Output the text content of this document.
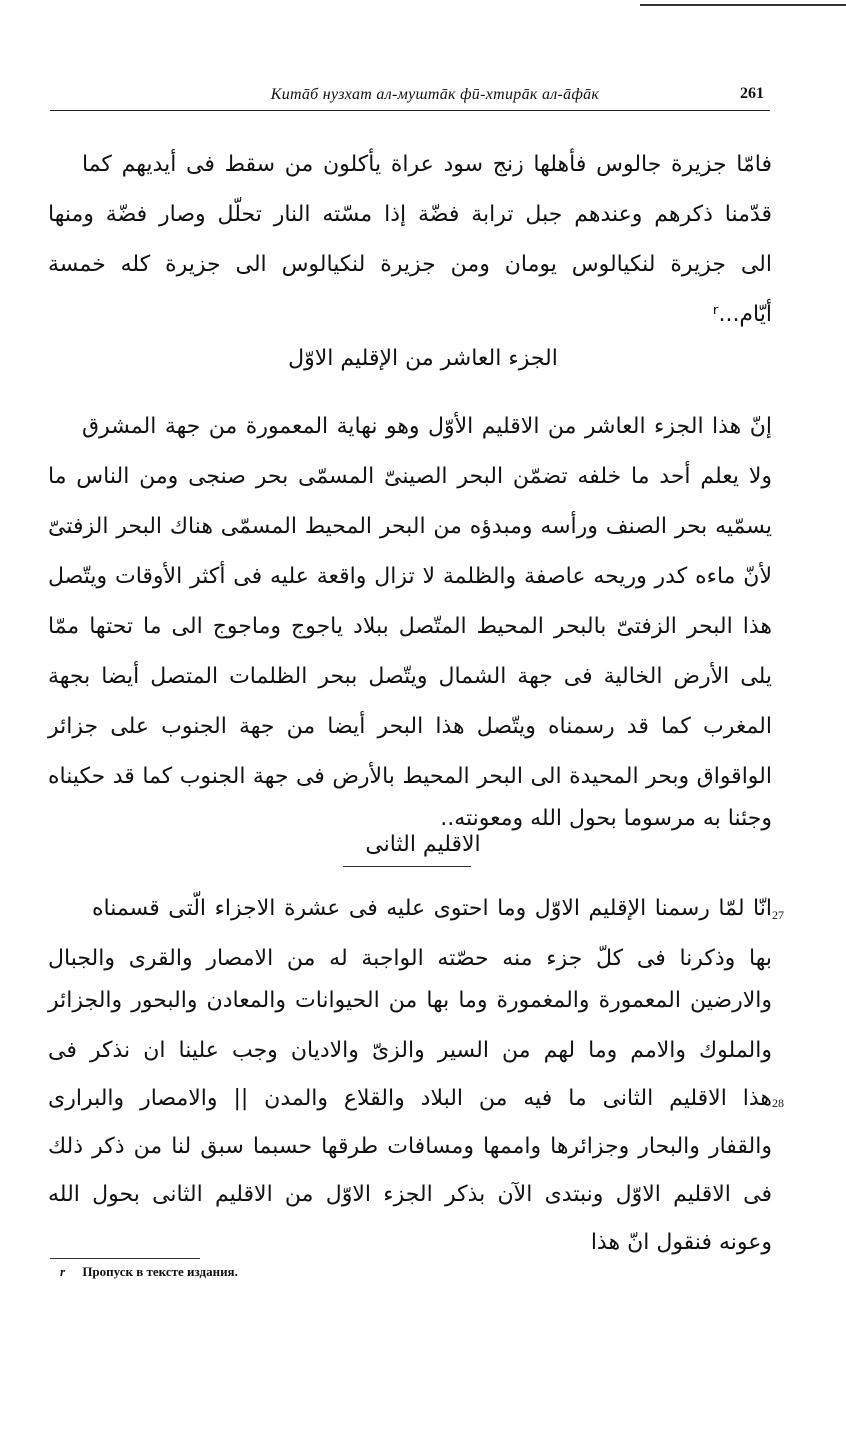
Китāб нузхат ал-муштāк фӣ-хтирāк ал-āфāк	261
فامّا جزيرة جالوس فأهلها زنج سود عراة يأكلون من سقط فى أيديهم كما
قدّمنا ذكرهم وعندهم جبل ترابة فضّة إذا مسّته النار تحلّل وصار فضّة ومنها
الى جزيرة لنكيالوس يومان ومن جزيرة لنكيالوس الى جزيرة كله خمسة
أيّام...ʳ
الجزء العاشر من الإقليم الاوّل
إنّ هذا الجزء العاشر من الاقليم الأوّل وهو نهاية المعمورة من جهة المشرق
ولا يعلم أحد ما خلفه تضمّن البحر الصينىّ المسمّى بحر صنجى ومن الناس ما
يسمّيه بحر الصنف ورأسه ومبدؤه من البحر المحيط المسمّى هناك البحر الزفتىّ
لأنّ ماءه كدر وريحه عاصفة والظلمة لا تزال واقعة عليه فى أكثر الأوقات ويتّصل
هذا البحر الزفتىّ بالبحر المحيط المتّصل ببلاد ياجوج وماجوج الى ما تحتها ممّا
يلى الأرض الخالية فى جهة الشمال ويتّصل ببحر الظلمات المتصل أيضا بجهة
المغرب كما قد رسمناه ويتّصل هذا البحر أيضا من جهة الجنوب على جزائر
الواقواق وبحر المحيدة الى البحر المحيط بالأرض فى جهة الجنوب كما قد حكيناه
وجئنا به مرسوما بحول الله ومعونته..
الاقليم الثانى
27
28
انّا لمّا رسمنا الإقليم الاوّل وما احتوى عليه فى عشرة الاجزاء الّتى قسمناه
بها وذكرنا فى كلّ جزء منه حصّته الواجبة له من الامصار والقرى والجبال
والارضين المعمورة والمغمورة وما بها من الحيوانات والمعادن والبحور والجزائر
والملوك والامم وما لهم من السير والزىّ والاديان وجب علينا ان نذكر فى
هذا الاقليم الثانى ما فيه من البلاد والقلاع والمدن || والامصار والبرارى
والقفار والبحار وجزائرها واممها ومسافات طرقها حسبما سبق لنا من ذكر ذلك
فى الاقليم الاوّل ونبتدى الآن بذكر الجزء الاوّل من الاقليم الثانى بحول الله
وعونه فنقول انّ هذا
r Пропуск в тексте издания.
